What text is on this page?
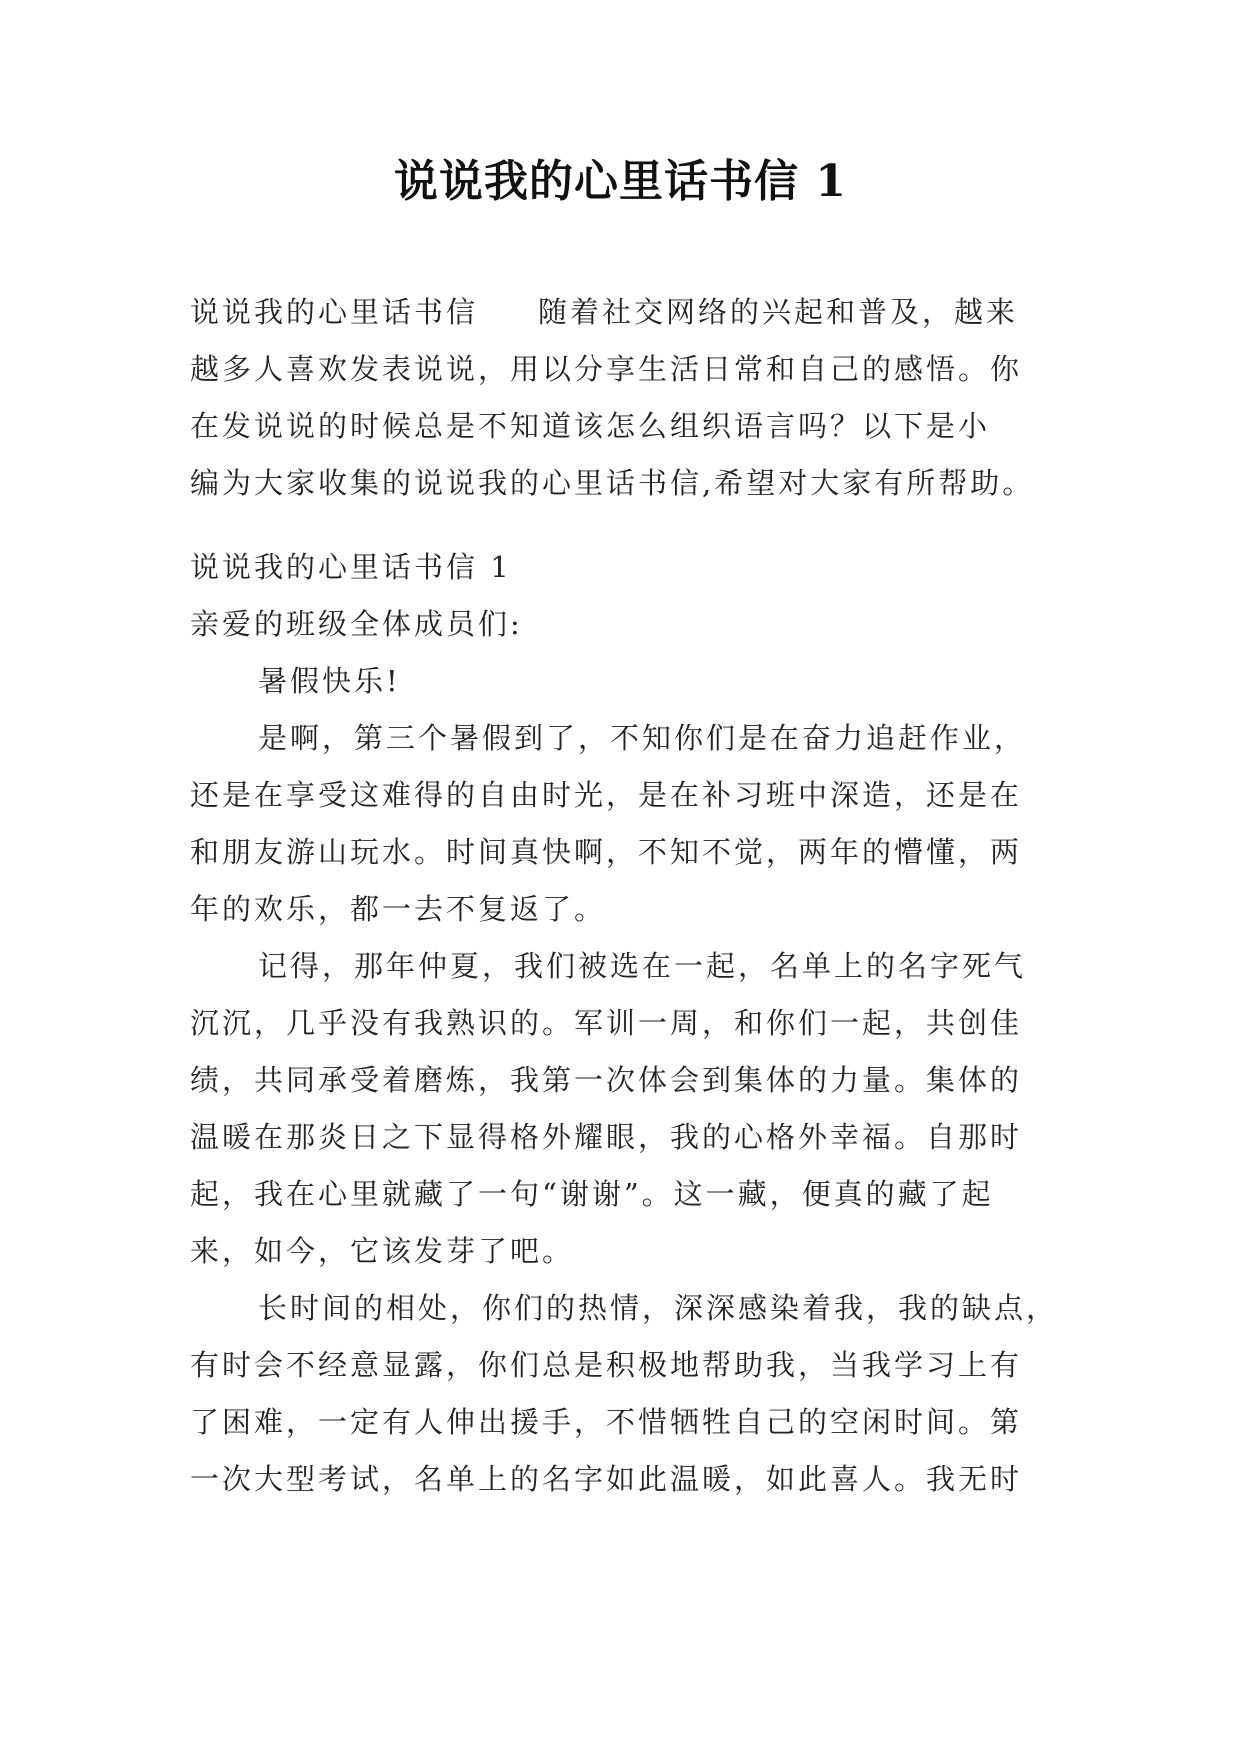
说说我的心里话书信 1

说说我的心里话书信 随着社交网络的兴起和普及，越来

越多人喜欢发表说说，用以分享生活日常和自己的感悟。你

在发说说的时候总是不知道该怎么组织语言吗？以下是小

编为大家收集的说说我的心里话书信,希望对大家有所帮助。

说说我的心里话书信 1

亲爱的班级全体成员们:

暑假快乐!

是啊，第三个暑假到了，不知你们是在奋力追赶作业，

还是在享受这难得的自由时光，是在补习班中深造，还是在

和朋友游山玩水。时间真快啊，不知不觉，两年的懵懂，两

年的欢乐，都一去不复返了。

记得，那年仲夏，我们被选在一起，名单上的名字死气

沉沉，几乎没有我熟识的。军训一周，和你们一起，共创佳

绩，共同承受着磨炼，我第一次体会到集体的力量。集体的

温暖在那炎日之下显得格外耀眼，我的心格外幸福。自那时

起，我在心里就藏了一句“谢谢”。这一藏，便真的藏了起

来，如今，它该发芽了吧。

长时间的相处，你们的热情，深深感染着我，我的缺点，

有时会不经意显露，你们总是积极地帮助我，当我学习上有

了困难，一定有人伸出援手，不惜牺牲自己的空闲时间。第

一次大型考试，名单上的名字如此温暖，如此喜人。我无时
